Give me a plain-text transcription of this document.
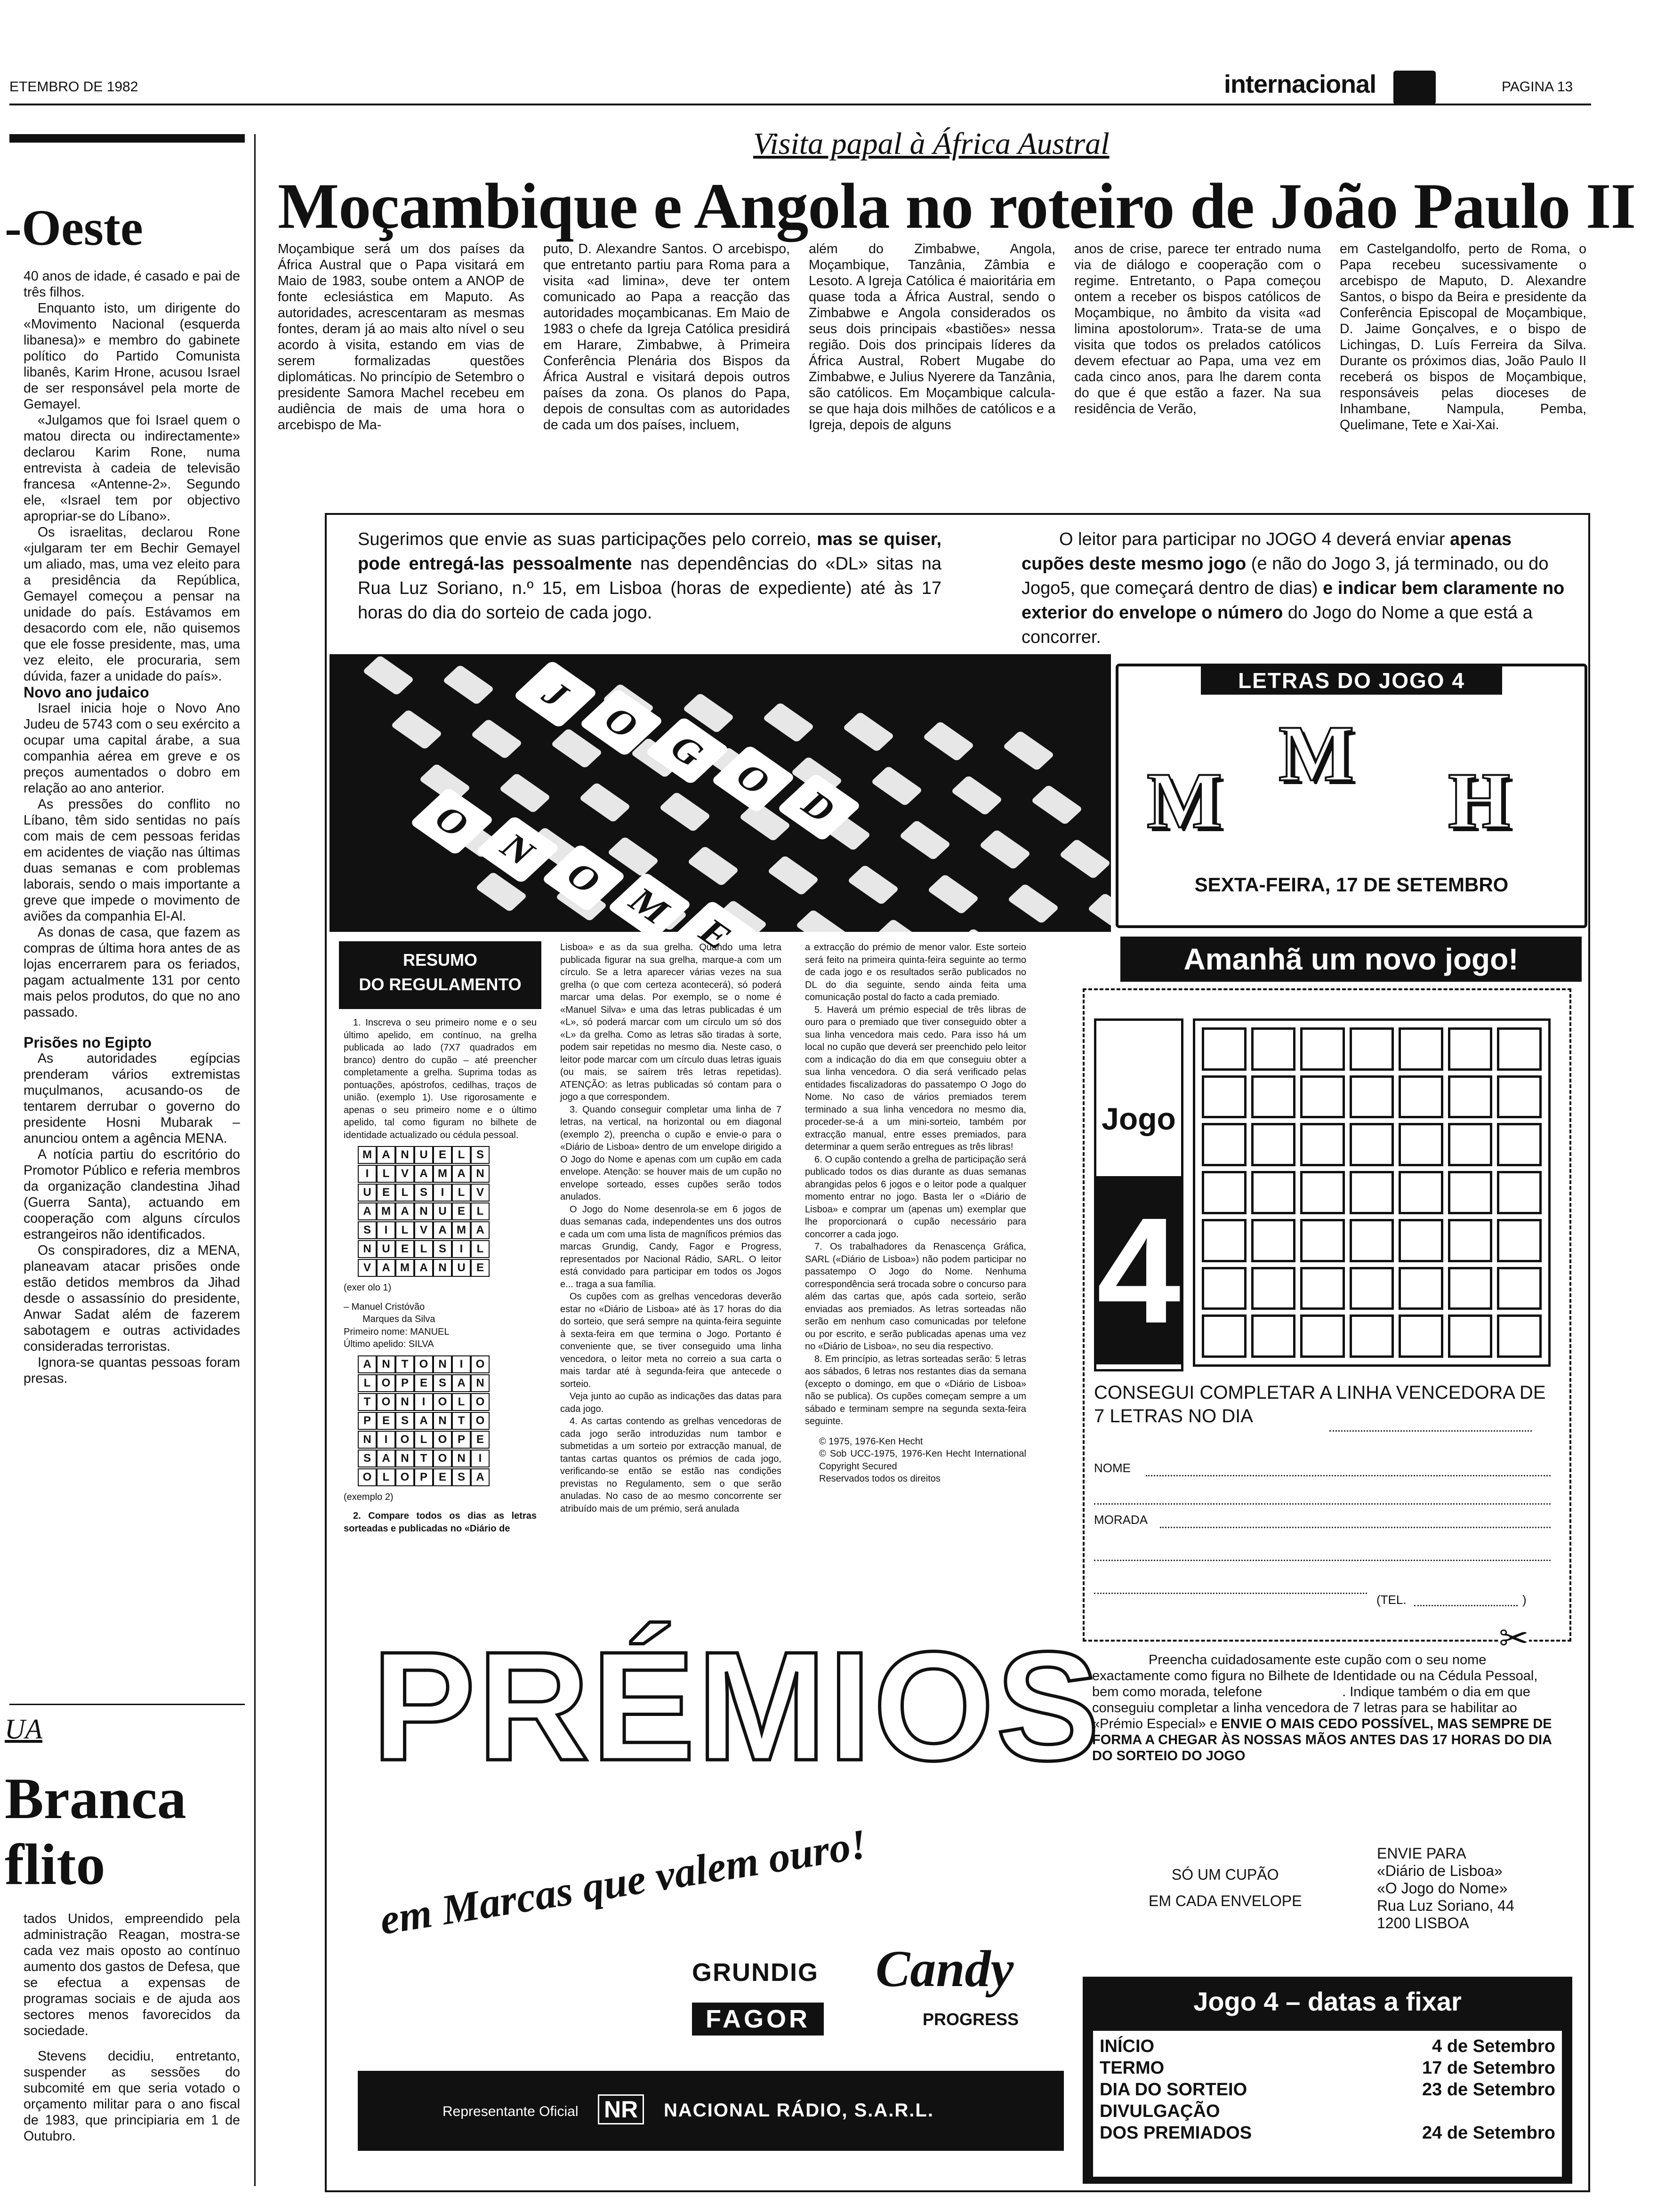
ETEMBRO DE 1982	internacional	PAGINA 13
-Oeste

40 anos de idade, é casado e pai de três filhos.

Enquanto isto, um dirigente do «Movimento Nacional (esquerda libanesa)» e membro do gabinete político do Partido Comunista libanês, Karim Hrone, acusou Israel de ser responsável pela morte de Gemayel.

«Julgamos que foi Israel quem o matou directa ou indirectamente» declarou Karim Rone, numa entrevista à cadeia de televisão francesa «Antenne-2». Segundo ele, «Israel tem por objectivo apropriar-se do Líbano».

Os israelitas, declarou Rone «julgaram ter em Bechir Gemayel um aliado, mas, uma vez eleito para a presidência da República, Gemayel começou a pensar na unidade do país. Estávamos em desacordo com ele, não quisemos que ele fosse presidente, mas, uma vez eleito, ele procuraria, sem dúvida, fazer a unidade do país».

Novo ano judaico

Israel inicia hoje o Novo Ano Judeu de 5743 com o seu exército a ocupar uma capital árabe, a sua companhia aérea em greve e os preços aumentados o dobro em relação ao ano anterior.

As pressões do conflito no Líbano, têm sido sentidas no país com mais de cem pessoas feridas em acidentes de viação nas últimas duas semanas e com problemas laborais, sendo o mais importante a greve que impede o movimento de aviões da companhia El-Al.

As donas de casa, que fazem as compras de última hora antes de as lojas encerrarem para os feriados, pagam actualmente 131 por cento mais pelos produtos, do que no ano passado.

Prisões no Egipto

As autoridades egípcias prenderam vários extremistas muçulmanos, acusando-os de tentarem derrubar o governo do presidente Hosni Mubarak – anunciou ontem a agência MENA.

A notícia partiu do escritório do Promotor Público e referia membros da organização clandestina Jihad (Guerra Santa), actuando em cooperação com alguns círculos estrangeiros não identificados.

Os conspiradores, diz a MENA, planeavam atacar prisões onde estão detidos membros da Jihad desde o assassínio do presidente, Anwar Sadat além de fazerem sabotagem e outras actividades consideradas terroristas.

Ignora-se quantas pessoas foram presas.

UA
Branca
flito

tados Unidos, empreendido pela administração Reagan, mostra-se cada vez mais oposto ao contínuo aumento dos gastos de Defesa, que se efectua a expensas de programas sociais e de ajuda aos sectores menos favorecidos da sociedade.

Stevens decidiu, entretanto, suspender as sessões do subcomité em que seria votado o orçamento militar para o ano fiscal de 1983, que principiaria em 1 de Outubro.

Visita papal à África Austral
Moçambique e Angola no roteiro de João Paulo II
Moçambique será um dos países da África Austral que o Papa visitará em Maio de 1983, soube ontem a ANOP de fonte eclesiástica em Maputo. As autoridades, acrescentaram as mesmas fontes, deram já ao mais alto nível o seu acordo à visita, estando em vias de serem formalizadas questões diplomáticas. No princípio de Setembro o presidente Samora Machel recebeu em audiência de mais de uma hora o arcebispo de Ma-
puto, D. Alexandre Santos. O arcebispo, que entretanto partiu para Roma para a visita «ad limina», deve ter ontem comunicado ao Papa a reacção das autoridades moçambicanas. Em Maio de 1983 o chefe da Igreja Católica presidirá em Harare, Zimbabwe, à Primeira Conferência Plenária dos Bispos da África Austral e visitará depois outros países da zona. Os planos do Papa, depois de consultas com as autoridades de cada um dos países, incluem,
além do Zimbabwe, Angola, Moçambique, Tanzânia, Zâmbia e Lesoto. A Igreja Católica é maioritária em quase toda a África Austral, sendo o Zimbabwe e Angola considerados os seus dois principais «bastiões» nessa região. Dois dos principais líderes da África Austral, Robert Mugabe do Zimbabwe, e Julius Nyerere da Tanzânia, são católicos. Em Moçambique calcula-se que haja dois milhões de católicos e a Igreja, depois de alguns
anos de crise, parece ter entrado numa via de diálogo e cooperação com o regime. Entretanto, o Papa começou ontem a receber os bispos católicos de Moçambique, no âmbito da visita «ad limina apostolorum». Trata-se de uma visita que todos os prelados católicos devem efectuar ao Papa, uma vez em cada cinco anos, para lhe darem conta do que é que estão a fazer. Na sua residência de Verão,
em Castelgandolfo, perto de Roma, o Papa recebeu sucessivamente o arcebispo de Maputo, D. Alexandre Santos, o bispo da Beira e presidente da Conferência Episcopal de Moçambique, D. Jaime Gonçalves, e o bispo de Lichingas, D. Luís Ferreira da Silva. Durante os próximos dias, João Paulo II receberá os bispos de Moçambique, responsáveis pelas dioceses de Inhambane, Nampula, Pemba, Quelimane, Tete e Xai-Xai.
Sugerimos que envie as suas participações pelo correio, mas se quiser, pode entregá-las pessoalmente nas dependências do «DL» sitas na Rua Luz Soriano, n.º 15, em Lisboa (horas de expediente) até às 17 horas do dia do sorteio de cada jogo.
O leitor para participar no JOGO 4 deverá enviar apenas cupões deste mesmo jogo (e não do Jogo 3, já terminado, ou do Jogo5, que começará dentro de dias) e indicar bem claramente no exterior do envelope o número do Jogo do Nome a que está a concorrer.
J
O
G
O
D
O
N
O
M
E
LETRAS DO JOGO 4
M
M
H
SEXTA-FEIRA, 17 DE SETEMBRO
Amanhã um novo jogo!
RESUMO
DO REGULAMENTO

1. Inscreva o seu primeiro nome e o seu último apelido, em contínuo, na grelha publicada ao lado (7X7 quadrados em branco) dentro do cupão – até preencher completamente a grelha. Suprima todas as pontuações, apóstrofos, cedilhas, traços de união. (exemplo 1). Use rigorosamente e apenas o seu primeiro nome e o último apelido, tal como figuram no bilhete de identidade actualizado ou cédula pessoal.

M A N U E	L	S
I	L	V A M A N
U E	L	S	I	L	V
A M A N U E	L
S	I	L	V A M A
N U E	L	S	I	L
V A M A N U E
(exer olo 1)
– Manuel Cristóvão
Marques da Silva
Primeiro nome: MANUEL
Último apelido: SILVA
A N T O N	I	O
L O P E S A N
T O N	I	O L O
P E S A N T O
N	I	O L O P E
S A N T O N	I
O L O P E S A
(exemplo 2)

2. Compare todos os dias as letras sorteadas e publicadas no «Diário de

Lisboa» e as da sua grelha. Quando uma letra publicada figurar na sua grelha, marque-a com um círculo. Se a letra aparecer várias vezes na sua grelha (o que com certeza acontecerá), só poderá marcar uma delas. Por exemplo, se o nome é «Manuel Silva» e uma das letras publicadas é um «L», só poderá marcar com um círculo um só dos «L» da grelha. Como as letras são tiradas à sorte, podem sair repetidas no mesmo dia. Neste caso, o leitor pode marcar com um círculo duas letras iguais (ou mais, se saírem três letras repetidas). ATENÇÃO: as letras publicadas só contam para o jogo a que correspondem.

3. Quando conseguir completar uma linha de 7 letras, na vertical, na horizontal ou em diagonal (exemplo 2), preencha o cupão e envie-o para o «Diário de Lisboa» dentro de um envelope dirigido a O Jogo do Nome e apenas com um cupão em cada envelope. Atenção: se houver mais de um cupão no envelope sorteado, esses cupões serão todos anulados.

O Jogo do Nome desenrola-se em 6 jogos de duas semanas cada, independentes uns dos outros e cada um com uma lista de magníficos prémios das marcas Grundig, Candy, Fagor e Progress, representados por Nacional Rádio, SARL. O leitor está convidado para participar em todos os Jogos e... traga a sua família.

Os cupões com as grelhas vencedoras deverão estar no «Diário de Lisboa» até às 17 horas do dia do sorteio, que será sempre na quinta-feira seguinte à sexta-feira em que termina o Jogo. Portanto é conveniente que, se tiver conseguido uma linha vencedora, o leitor meta no correio a sua carta o mais tardar até à segunda-feira que antecede o sorteio.

Veja junto ao cupão as indicações das datas para cada jogo.

4. As cartas contendo as grelhas vencedoras de cada jogo serão introduzidas num tambor e submetidas a um sorteio por extracção manual, de tantas cartas quantos os prémios de cada jogo, verificando-se então se estão nas condições previstas no Regulamento, sem o que serão anuladas. No caso de ao mesmo concorrente ser atribuído mais de um prémio, será anulada

a extracção do prémio de menor valor. Este sorteio será feito na primeira quinta-feira seguinte ao termo de cada jogo e os resultados serão publicados no DL do dia seguinte, sendo ainda feita uma comunicação postal do facto a cada premiado.

5. Haverá um prémio especial de três libras de ouro para o premiado que tiver conseguido obter a sua linha vencedora mais cedo. Para isso há um local no cupão que deverá ser preenchido pelo leitor com a indicação do dia em que conseguiu obter a sua linha vencedora. O dia será verificado pelas entidades fiscalizadoras do passatempo O Jogo do Nome. No caso de vários premiados terem terminado a sua linha vencedora no mesmo dia, proceder-se-á a um mini-sorteio, também por extracção manual, entre esses premiados, para determinar a quem serão entregues as três libras!

6. O cupão contendo a grelha de participação será publicado todos os dias durante as duas semanas abrangidas pelos 6 jogos e o leitor pode a qualquer momento entrar no jogo. Basta ler o «Diário de Lisboa» e comprar um (apenas um) exemplar que lhe proporcionará o cupão necessário para concorrer a cada jogo.

7. Os trabalhadores da Renascença Gráfica, SARL («Diário de Lisboa») não podem participar no passatempo O Jogo do Nome. Nenhuma correspondência será trocada sobre o concurso para além das cartas que, após cada sorteio, serão enviadas aos premiados. As letras sorteadas não serão em nenhum caso comunicadas por telefone ou por escrito, e serão publicadas apenas uma vez no «Diário de Lisboa», no seu dia respectivo.

8. Em princípio, as letras sorteadas serão: 5 letras aos sábados, 6 letras nos restantes dias da semana (excepto o domingo, em que o «Diário de Lisboa» não se publica). Os cupões começam sempre a um sábado e terminam sempre na segunda sexta-feira seguinte.

© 1975, 1976-Ken Hecht
© Sob UCC-1975, 1976-Ken Hecht International Copyright Secured
Reservados todos os direitos
Jogo
4
CONSEGUI COMPLETAR A LINHA VENCEDORA DE 7 LETRAS NO DIA
NOME
MORADA
(TEL.	)
✂
Preencha cuidadosamente este cupão com o seu nome exactamente como figura no Bilhete de Identidade ou na Cédula Pessoal, bem como morada, telefone	. Indique também o dia em que conseguiu completar a linha vencedora de 7 letras para se habilitar ao «Prémio Especial» e ENVIE O MAIS CEDO POSSÍVEL, MAS SEMPRE DE FORMA A CHEGAR ÀS NOSSAS MÃOS ANTES DAS 17 HORAS DO DIA DO SORTEIO DO JOGO
SÓ UM CUPÃO
EM CADA ENVELOPE
ENVIE PARA
«Diário de Lisboa»
«O Jogo do Nome»
Rua Luz Soriano, 44
1200 LISBOA
PRÉMIOS
em Marcas que valem ouro!
GRUNDIG Candy
FAGOR	PROGRESS
Representante Oficial NR	NACIONAL RÁDIO, S.A.R.L.
Jogo 4 – datas a fixar
INÍCIO	4 de Setembro
TERMO	17 de Setembro
DIA DO SORTEIO	23 de Setembro
DIVULGAÇÃO
DOS PREMIADOS	24 de Setembro
